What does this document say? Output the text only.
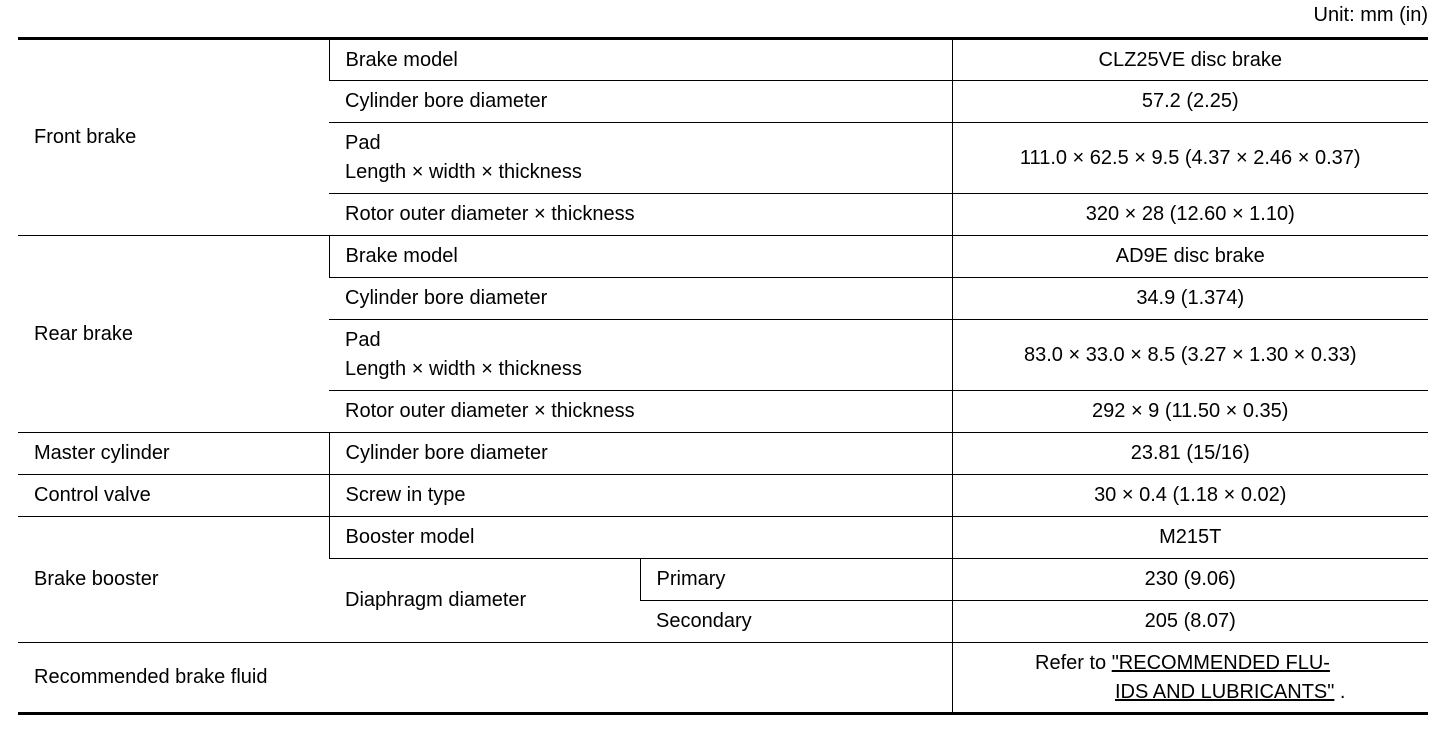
Unit: mm (in)
Front brake	Brake model		CLZ25VE disc brake
	Cylinder bore diameter		57.2 (2.25)
	Pad
Length × width × thickness		111.0 × 62.5 × 9.5 (4.37 × 2.46 × 0.37)
	Rotor outer diameter × thickness		320 × 28 (12.60 × 1.10)
Rear brake	Brake model		AD9E disc brake
	Cylinder bore diameter		34.9 (1.374)
	Pad
Length × width × thickness		83.0 × 33.0 × 8.5 (3.27 × 1.30 × 0.33)
	Rotor outer diameter × thickness		292 × 9 (11.50 × 0.35)
Master cylinder	Cylinder bore diameter		23.81 (15/16)
Control valve	Screw in type		30 × 0.4 (1.18 × 0.02)
Brake booster	Booster model		M215T
	Diaphragm diameter	Primary	230 (9.06)
		Secondary	205 (8.07)
Recommended brake fluid			Refer to "RECOMMENDED FLU-
IDS AND LUBRICANTS" .
